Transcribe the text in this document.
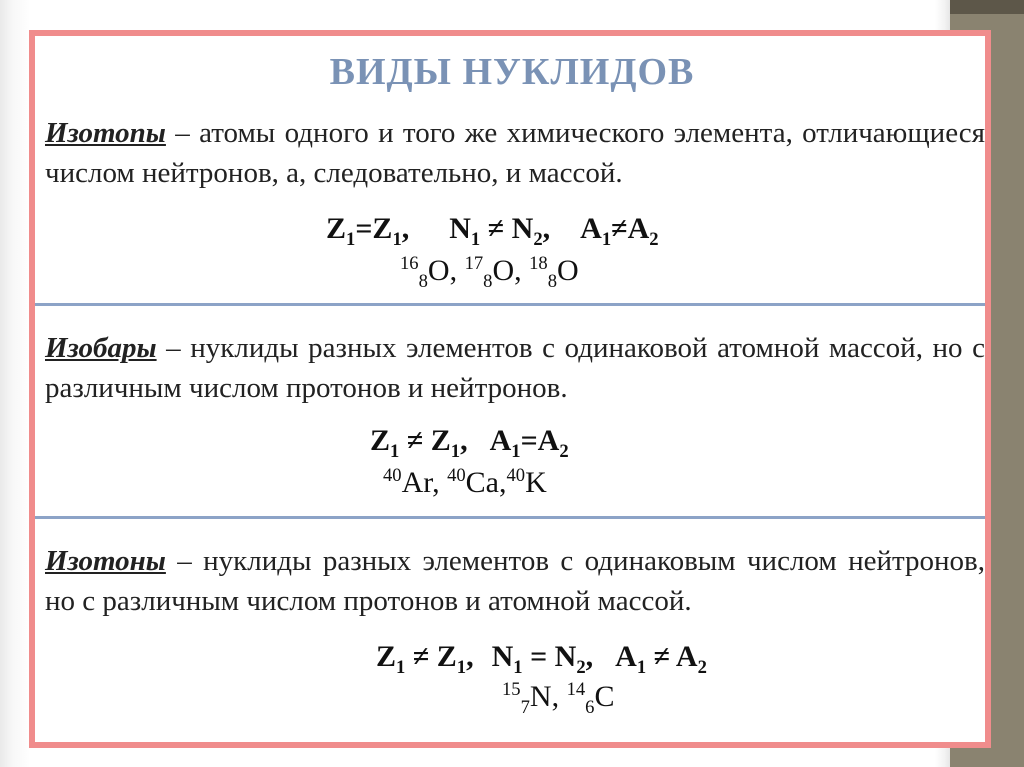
ВИДЫ НУКЛИДОВ
Изотопы – атомы одного и того же химического элемента, отличающиеся числом нейтронов, а, следовательно, и массой.
$Z_1=Z_1$, $N_1 \ne N_2$, $A_1\ne A_2$
$^{16}_8$O, $^{17}_8$O, $^{18}_8$O
Изобары – нуклиды разных элементов с одинаковой атомной массой, но с различным числом протонов и нейтронов.
$Z_1 \ne Z_1$, $A_1=A_2$
$^{40}$Ar, $^{40}$Ca,$^{40}$K
Изотоны – нуклиды разных элементов с одинаковым числом нейтронов, но с различным числом протонов и атомной массой.
$Z_1 \ne Z_1$, $N_1 = N_2$, $A_1 \ne A_2$
$^{15}_7$N, $^{14}_6$C
